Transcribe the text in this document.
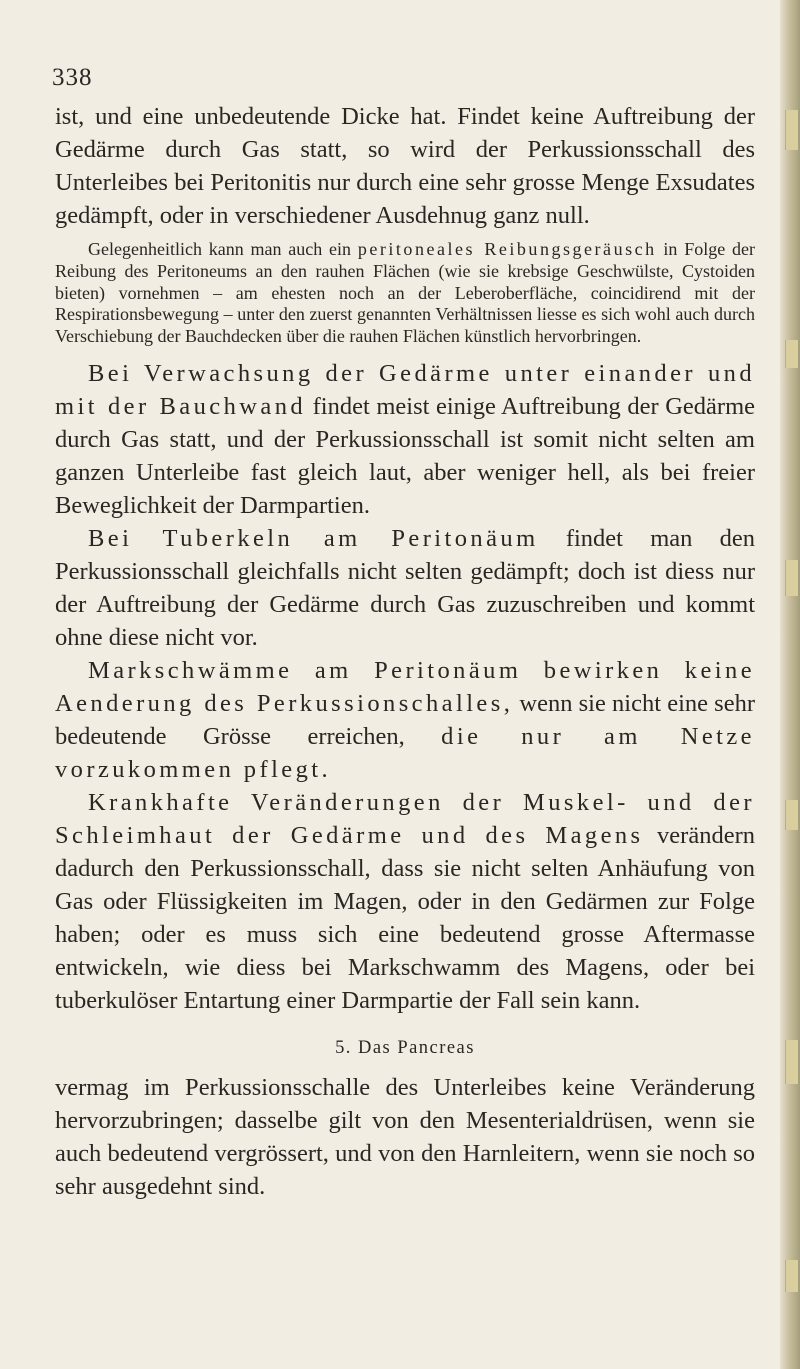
338

ist, und eine unbedeutende Dicke hat. Findet keine Auftreibung der Gedärme durch Gas statt, so wird der Perkussionsschall des Unterleibes bei Peritonitis nur durch eine sehr grosse Menge Exsudates gedämpft, oder in verschiedener Ausdehnug ganz null.

Gelegenheitlich kann man auch ein peritoneales Reibungsgeräusch in Folge der Reibung des Peritoneums an den rauhen Flächen (wie sie krebsige Geschwülste, Cystoiden bieten) vornehmen – am ehesten noch an der Leberoberfläche, coincidirend mit der Respirationsbewegung – unter den zuerst genannten Verhältnissen liesse es sich wohl auch durch Verschiebung der Bauchdecken über die rauhen Flächen künstlich hervorbringen.

Bei Verwachsung der Gedärme unter einander und mit der Bauchwand findet meist einige Auftreibung der Gedärme durch Gas statt, und der Perkussionsschall ist somit nicht selten am ganzen Unterleibe fast gleich laut, aber weniger hell, als bei freier Beweglichkeit der Darmpartien.

Bei Tuberkeln am Peritonäum findet man den Perkussionsschall gleichfalls nicht selten gedämpft; doch ist diess nur der Auftreibung der Gedärme durch Gas zuzuschreiben und kommt ohne diese nicht vor.

Markschwämme am Peritonäum bewirken keine Aenderung des Perkussionschalles, wenn sie nicht eine sehr bedeutende Grösse erreichen, die nur am Netze vorzukommen pflegt.

Krankhafte Veränderungen der Muskel- und der Schleimhaut der Gedärme und des Magens verändern dadurch den Perkussionsschall, dass sie nicht selten Anhäufung von Gas oder Flüssigkeiten im Magen, oder in den Gedärmen zur Folge haben; oder es muss sich eine bedeutend grosse Aftermasse entwickeln, wie diess bei Markschwamm des Magens, oder bei tuberkulöser Entartung einer Darmpartie der Fall sein kann.

5. Das Pancreas

vermag im Perkussionsschalle des Unterleibes keine Veränderung hervorzubringen; dasselbe gilt von den Mesenterialdrüsen, wenn sie auch bedeutend vergrössert, und von den Harnleitern, wenn sie noch so sehr ausgedehnt sind.
